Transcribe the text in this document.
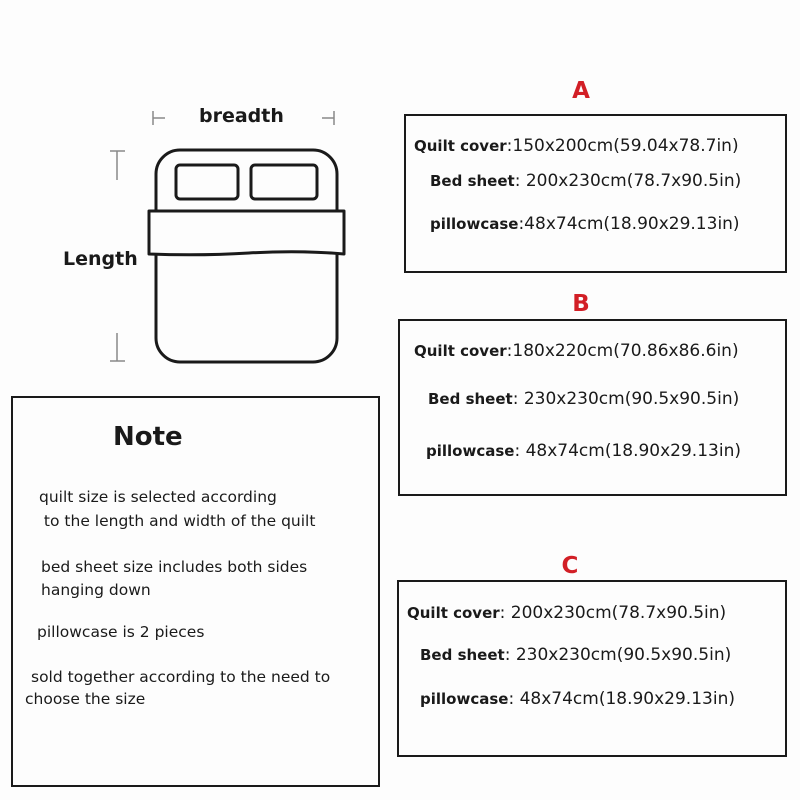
breadth
Length
A
Quilt cover:150x200cm(59.04x78.7in)
Bed sheet: 200x230cm(78.7x90.5in)
pillowcase:48x74cm(18.90x29.13in)
B
Quilt cover:180x220cm(70.86x86.6in)
Bed sheet: 230x230cm(90.5x90.5in)
pillowcase: 48x74cm(18.90x29.13in)
C
Quilt cover: 200x230cm(78.7x90.5in)
Bed sheet: 230x230cm(90.5x90.5in)
pillowcase: 48x74cm(18.90x29.13in)
Note
quilt size is selected according
to the length and width of the quilt
bed sheet size includes both sides
hanging down
pillowcase is 2 pieces
sold together according to the need to
choose the size
